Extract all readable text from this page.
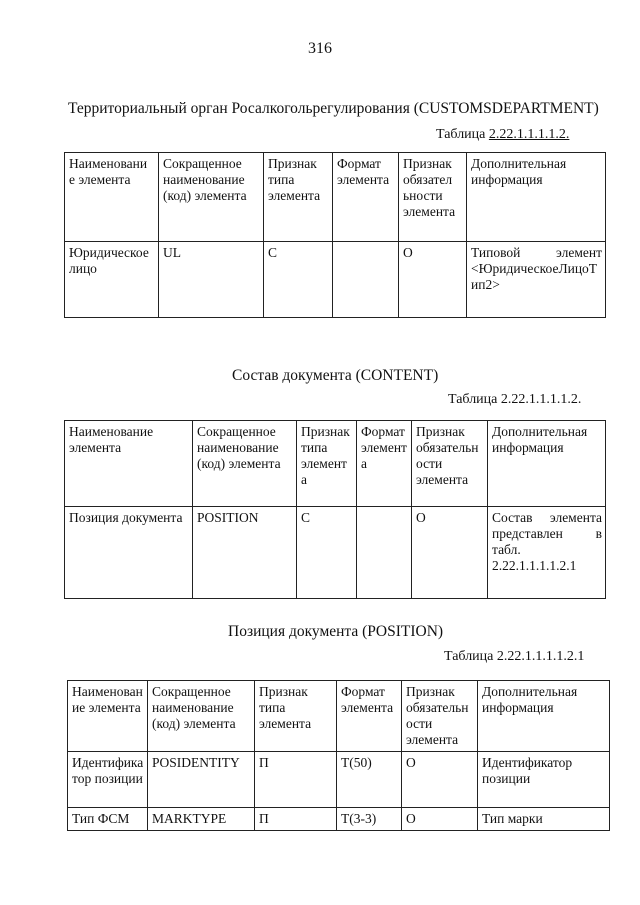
316
Территориальный орган Росалкогольрегулирования (CUSTOMSDEPARTMENT)
Таблица 2.22.1.1.1.1.2.
Наименовани е элемента	Сокращенное наименование (код) элемента	Признак типа элемента	Формат элемента	Признак обязател ьности элемента	Дополнительная информация
Юридическое лицо	UL	С		О	Типовой элемент <ЮридическоеЛицоТип2>
Состав документа (CONTENT)
Таблица 2.22.1.1.1.1.2.
Наименование элемента	Сокращенное наименование (код) элемента	Признак типа элемента	Формат элемента	Признак обязательности элемента	Дополнительная информация
Позиция документа	POSITION	С		О	Состав элемента представлен в табл. 2.22.1.1.1.1.2.1
Позиция документа (POSITION)
Таблица 2.22.1.1.1.1.2.1
Наименование элемента	Сокращенное наименование (код) элемента	Признак типа элемента	Формат элемента	Признак обязательности элемента	Дополнительная информация
Идентификатор позиции	POSIDENTITY	П	T(50)	О	Идентификатор позиции
Тип ФСМ	MARKTYPE	П	T(3-3)	О	Тип марки
